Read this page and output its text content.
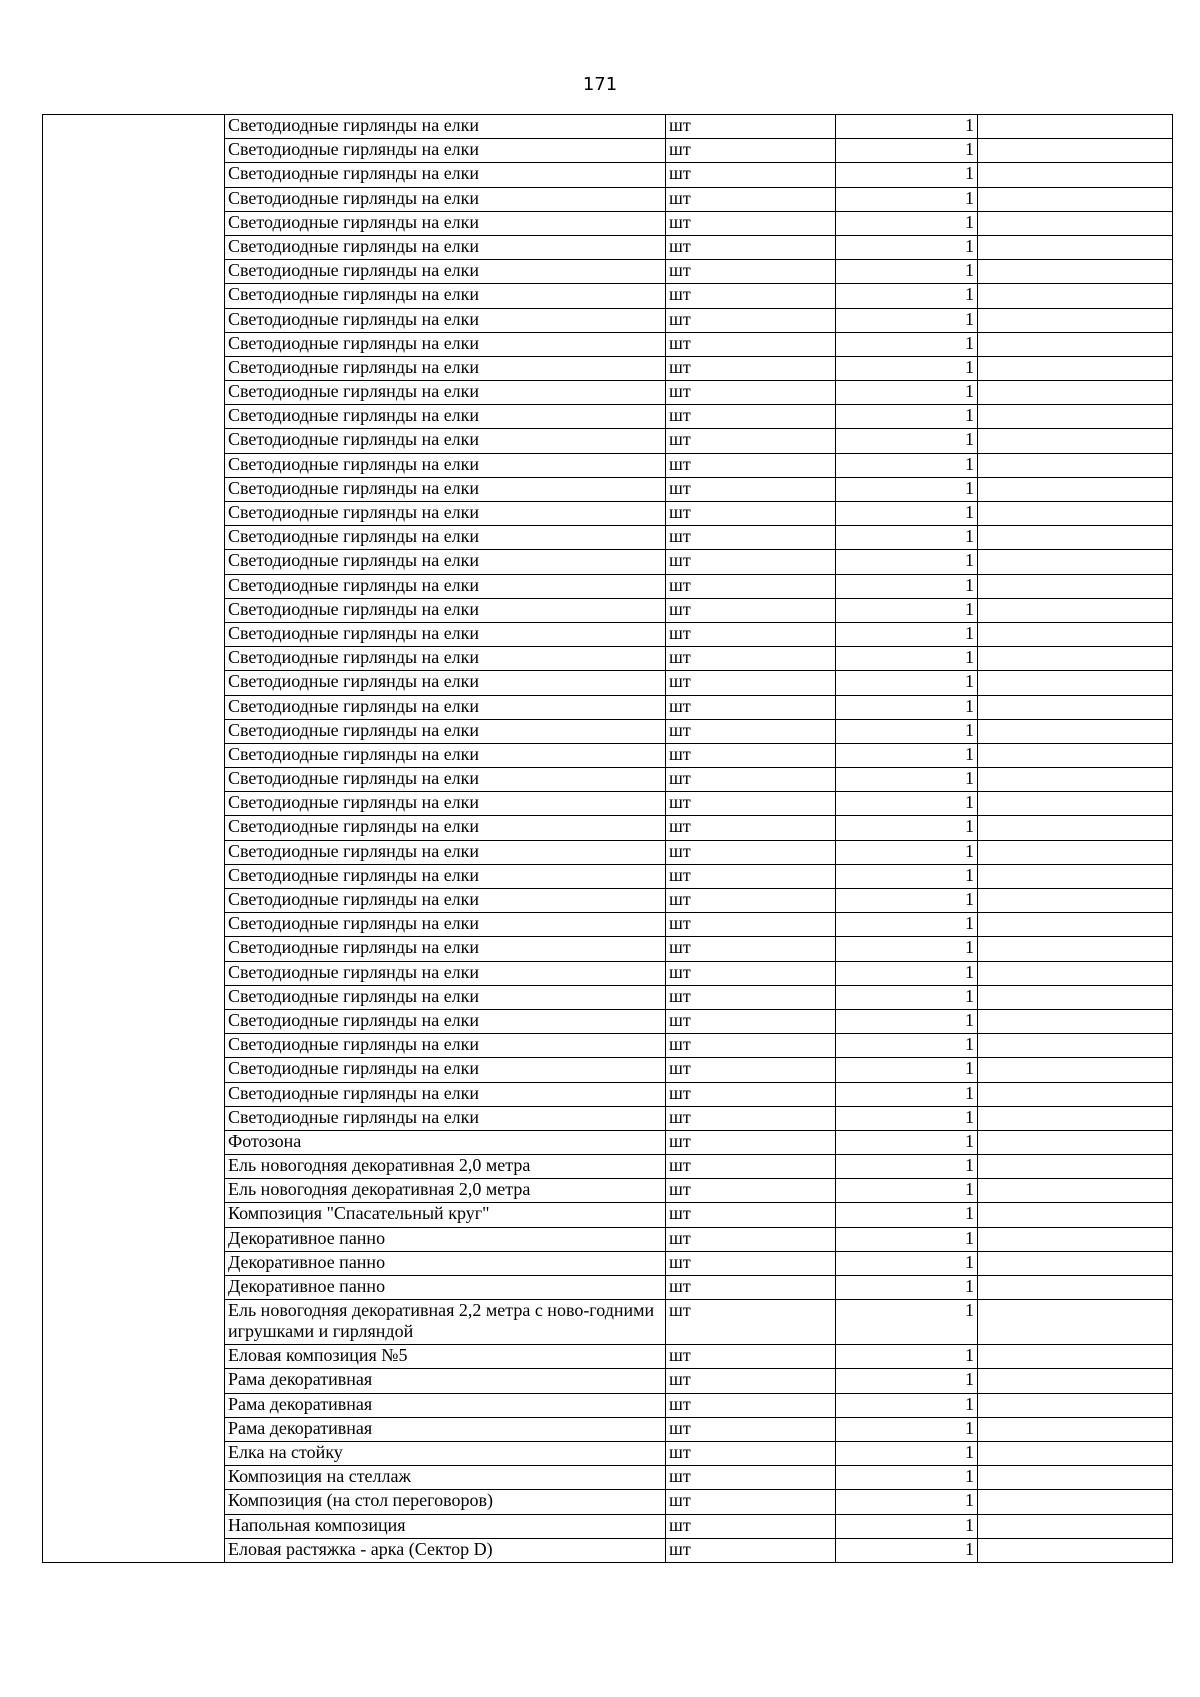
171
	Светодиодные гирлянды на елки	шт	1	
	Светодиодные гирлянды на елки	шт	1	
	Светодиодные гирлянды на елки	шт	1	
	Светодиодные гирлянды на елки	шт	1	
	Светодиодные гирлянды на елки	шт	1	
	Светодиодные гирлянды на елки	шт	1	
	Светодиодные гирлянды на елки	шт	1	
	Светодиодные гирлянды на елки	шт	1	
	Светодиодные гирлянды на елки	шт	1	
	Светодиодные гирлянды на елки	шт	1	
	Светодиодные гирлянды на елки	шт	1	
	Светодиодные гирлянды на елки	шт	1	
	Светодиодные гирлянды на елки	шт	1	
	Светодиодные гирлянды на елки	шт	1	
	Светодиодные гирлянды на елки	шт	1	
	Светодиодные гирлянды на елки	шт	1	
	Светодиодные гирлянды на елки	шт	1	
	Светодиодные гирлянды на елки	шт	1	
	Светодиодные гирлянды на елки	шт	1	
	Светодиодные гирлянды на елки	шт	1	
	Светодиодные гирлянды на елки	шт	1	
	Светодиодные гирлянды на елки	шт	1	
	Светодиодные гирлянды на елки	шт	1	
	Светодиодные гирлянды на елки	шт	1	
	Светодиодные гирлянды на елки	шт	1	
	Светодиодные гирлянды на елки	шт	1	
	Светодиодные гирлянды на елки	шт	1	
	Светодиодные гирлянды на елки	шт	1	
	Светодиодные гирлянды на елки	шт	1	
	Светодиодные гирлянды на елки	шт	1	
	Светодиодные гирлянды на елки	шт	1	
	Светодиодные гирлянды на елки	шт	1	
	Светодиодные гирлянды на елки	шт	1	
	Светодиодные гирлянды на елки	шт	1	
	Светодиодные гирлянды на елки	шт	1	
	Светодиодные гирлянды на елки	шт	1	
	Светодиодные гирлянды на елки	шт	1	
	Светодиодные гирлянды на елки	шт	1	
	Светодиодные гирлянды на елки	шт	1	
	Светодиодные гирлянды на елки	шт	1	
	Светодиодные гирлянды на елки	шт	1	
	Светодиодные гирлянды на елки	шт	1	
	Фотозона	шт	1	
	Ель новогодняя декоративная 2,0 метра	шт	1	
	Ель новогодняя декоративная 2,0 метра	шт	1	
	Композиция "Спасательный круг"	шт	1	
	Декоративное панно	шт	1	
	Декоративное панно	шт	1	
	Декоративное панно	шт	1	
	Ель новогодняя декоративная 2,2 метра с ново-годними игрушками и гирляндой	шт	1	
	Еловая композиция №5	шт	1	
	Рама декоративная	шт	1	
	Рама декоративная	шт	1	
	Рама декоративная	шт	1	
	Елка на стойку	шт	1	
	Композиция на стеллаж	шт	1	
	Композиция (на стол переговоров)	шт	1	
	Напольная композиция	шт	1	
	Еловая растяжка - арка (Сектор D)	шт	1	
